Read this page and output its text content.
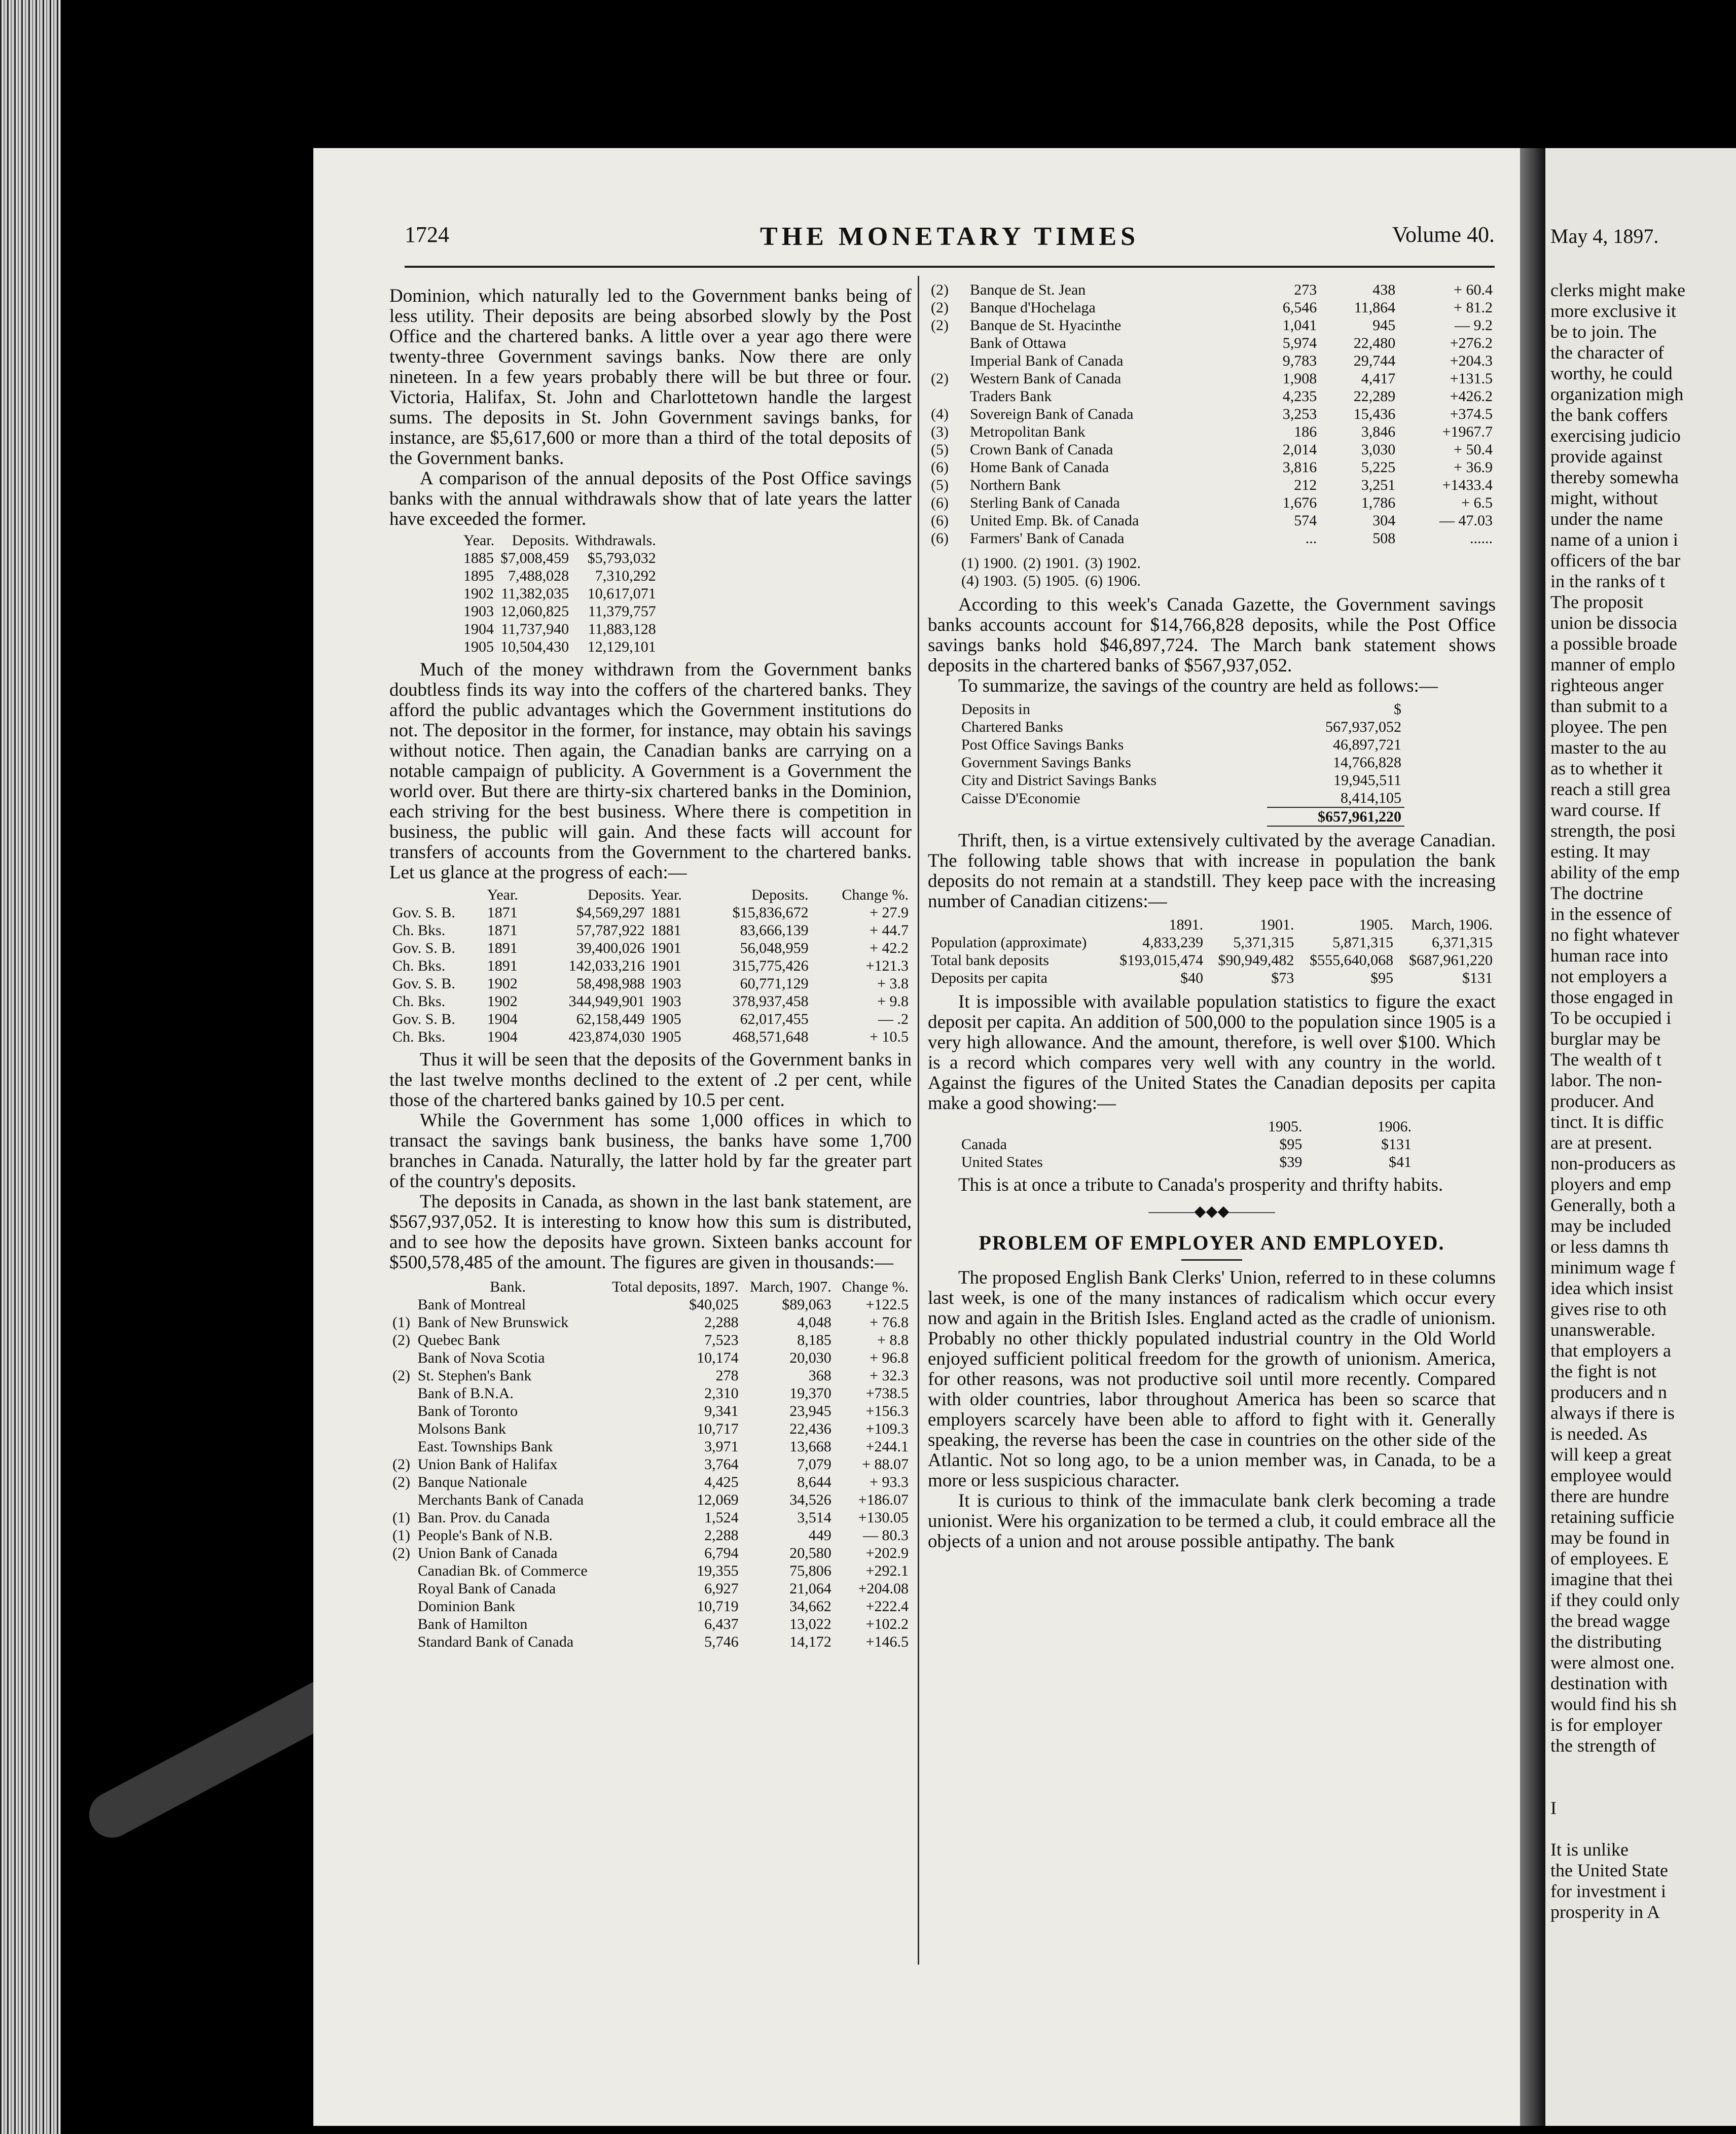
1724	THE MONETARY TIMES	Volume 40.

Dominion, which naturally led to the Government banks being of less utility. Their deposits are being absorbed slowly by the Post Office and the chartered banks. A little over a year ago there were twenty-three Government savings banks. Now there are only nineteen. In a few years probably there will be but three or four. Victoria, Halifax, St. John and Charlottetown handle the largest sums. The deposits in St. John Government savings banks, for instance, are $5,617,600 or more than a third of the total deposits of the Government banks.

A comparison of the annual deposits of the Post Office savings banks with the annual withdrawals show that of late years the latter have exceeded the former.

Year.	Deposits.	Withdrawals.
1885	$7,008,459	$5,793,032
1895	7,488,028	7,310,292
1902	11,382,035	10,617,071
1903	12,060,825	11,379,757
1904	11,737,940	11,883,128
1905	10,504,430	12,129,101

Much of the money withdrawn from the Government banks doubtless finds its way into the coffers of the chartered banks. They afford the public advantages which the Government institutions do not. The depositor in the former, for instance, may obtain his savings without notice. Then again, the Canadian banks are carrying on a notable campaign of publicity. A Government is a Government the world over. But there are thirty-six chartered banks in the Dominion, each striving for the best business. Where there is competition in business, the public will gain. And these facts will account for transfers of accounts from the Government to the chartered banks. Let us glance at the progress of each:—

	Year.	Deposits.	Year.	Deposits.	Change %.
Gov. S. B.	1871	$4,569,297	1881	$15,836,672	+ 27.9
Ch. Bks.	1871	57,787,922	1881	83,666,139	+ 44.7
Gov. S. B.	1891	39,400,026	1901	56,048,959	+ 42.2
Ch. Bks.	1891	142,033,216	1901	315,775,426	+121.3
Gov. S. B.	1902	58,498,988	1903	60,771,129	+ 3.8
Ch. Bks.	1902	344,949,901	1903	378,937,458	+ 9.8
Gov. S. B.	1904	62,158,449	1905	62,017,455	— .2
Ch. Bks.	1904	423,874,030	1905	468,571,648	+ 10.5

Thus it will be seen that the deposits of the Government banks in the last twelve months declined to the extent of .2 per cent, while those of the chartered banks gained by 10.5 per cent.

While the Government has some 1,000 offices in which to transact the savings bank business, the banks have some 1,700 branches in Canada. Naturally, the latter hold by far the greater part of the country's deposits.

The deposits in Canada, as shown in the last bank statement, are $567,937,052. It is interesting to know how this sum is distributed, and to see how the deposits have grown. Sixteen banks account for $500,578,485 of the amount. The figures are given in thousands:—

	Bank.	Total deposits, 1897.	March, 1907.	Change %.
	Bank of Montreal	$40,025	$89,063	+122.5
(1)	Bank of New Brunswick	2,288	4,048	+ 76.8
(2)	Quebec Bank	7,523	8,185	+ 8.8
	Bank of Nova Scotia	10,174	20,030	+ 96.8
(2)	St. Stephen's Bank	278	368	+ 32.3
	Bank of B.N.A.	2,310	19,370	+738.5
	Bank of Toronto	9,341	23,945	+156.3
	Molsons Bank	10,717	22,436	+109.3
	East. Townships Bank	3,971	13,668	+244.1
(2)	Union Bank of Halifax	3,764	7,079	+ 88.07
(2)	Banque Nationale	4,425	8,644	+ 93.3
	Merchants Bank of Canada	12,069	34,526	+186.07
(1)	Ban. Prov. du Canada	1,524	3,514	+130.05
(1)	People's Bank of N.B.	2,288	449	— 80.3
(2)	Union Bank of Canada	6,794	20,580	+202.9
	Canadian Bk. of Commerce	19,355	75,806	+292.1
	Royal Bank of Canada	6,927	21,064	+204.08
	Dominion Bank	10,719	34,662	+222.4
	Bank of Hamilton	6,437	13,022	+102.2
	Standard Bank of Canada	5,746	14,172	+146.5
(2)	Banque de St. Jean	273	438	+ 60.4
(2)	Banque d'Hochelaga	6,546	11,864	+ 81.2
(2)	Banque de St. Hyacinthe	1,041	945	— 9.2
	Bank of Ottawa	5,974	22,480	+276.2
	Imperial Bank of Canada	9,783	29,744	+204.3
(2)	Western Bank of Canada	1,908	4,417	+131.5
	Traders Bank	4,235	22,289	+426.2
(4)	Sovereign Bank of Canada	3,253	15,436	+374.5
(3)	Metropolitan Bank	186	3,846	+1967.7
(5)	Crown Bank of Canada	2,014	3,030	+ 50.4
(6)	Home Bank of Canada	3,816	5,225	+ 36.9
(5)	Northern Bank	212	3,251	+1433.4
(6)	Sterling Bank of Canada	1,676	1,786	+ 6.5
(6)	United Emp. Bk. of Canada	574	304	— 47.03
(6)	Farmers' Bank of Canada	...	508	......
(1) 1900.	(2) 1901.	(3) 1902.
(4) 1903.	(5) 1905.	(6) 1906.

According to this week's Canada Gazette, the Government savings banks accounts account for $14,766,828 deposits, while the Post Office savings banks hold $46,897,724. The March bank statement shows deposits in the chartered banks of $567,937,052.

To summarize, the savings of the country are held as follows:—

Deposits in	$
Chartered Banks	567,937,052
Post Office Savings Banks	46,897,721
Government Savings Banks	14,766,828
City and District Savings Banks	19,945,511
Caisse D'Economie	8,414,105
	$657,961,220

Thrift, then, is a virtue extensively cultivated by the average Canadian. The following table shows that with increase in population the bank deposits do not remain at a standstill. They keep pace with the increasing number of Canadian citizens:—

	1891.	1901.	1905.	March, 1906.
Population (approximate)	4,833,239	5,371,315	5,871,315	6,371,315
Total bank deposits	$193,015,474	$90,949,482	$555,640,068	$687,961,220
Deposits per capita	$40	$73	$95	$131

It is impossible with available population statistics to figure the exact deposit per capita. An addition of 500,000 to the population since 1905 is a very high allowance. And the amount, therefore, is well over $100. Which is a record which compares very well with any country in the world. Against the figures of the United States the Canadian deposits per capita make a good showing:—

	1905.	1906.
Canada	$95	$131
United States	$39	$41

This is at once a tribute to Canada's prosperity and thrifty habits.

―――◆◆◆―――
PROBLEM OF EMPLOYER AND EMPLOYED.

The proposed English Bank Clerks' Union, referred to in these columns last week, is one of the many instances of radicalism which occur every now and again in the British Isles. England acted as the cradle of unionism. Probably no other thickly populated industrial country in the Old World enjoyed sufficient political freedom for the growth of unionism. America, for other reasons, was not productive soil until more recently. Compared with older countries, labor throughout America has been so scarce that employers scarcely have been able to afford to fight with it. Generally speaking, the reverse has been the case in countries on the other side of the Atlantic. Not so long ago, to be a union member was, in Canada, to be a more or less suspicious character.

It is curious to think of the immaculate bank clerk becoming a trade unionist. Were his organization to be termed a club, it could embrace all the objects of a union and not arouse possible antipathy. The bank

May 4, 1897.
clerks might make
more exclusive it
be to join. The
the character of
worthy, he could
organization migh
the bank coffers
exercising judicio
provide against
thereby somewha
might, without
under the name
name of a union i
officers of the bar
in the ranks of t
The proposit
union be dissocia
a possible broade
manner of emplo
righteous anger
than submit to a
ployee. The pen
master to the au
as to whether it
reach a still grea
ward course. If
strength, the posi
esting. It may
ability of the emp
The doctrine
in the essence of
no fight whatever
human race into
not employers a
those engaged in
To be occupied i
burglar may be
The wealth of t
labor. The non-
producer. And
tinct. It is diffic
are at present.
non-producers as
ployers and emp
Generally, both a
may be included
or less damns th
minimum wage f
idea which insist
gives rise to oth
unanswerable.
that employers a
the fight is not
producers and n
always if there is
is needed. As
will keep a great
employee would
there are hundre
retaining sufficie
may be found in
of employees. E
imagine that thei
if they could only
the bread wagge
the distributing
were almost one.
destination with
would find his sh
is for employer
the strength of
I
It is unlike
the United State
for investment i
prosperity in A
